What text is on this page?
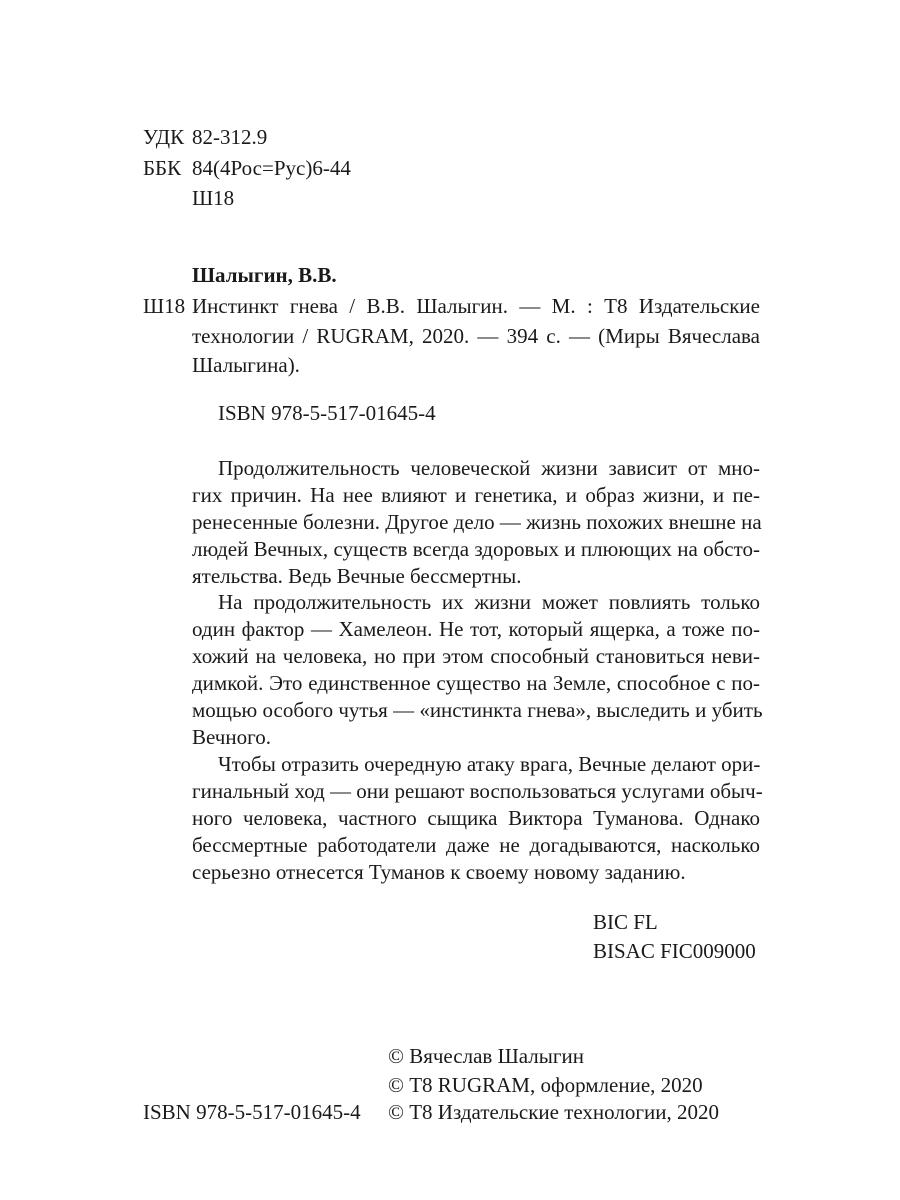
УДК 82-312.9
ББК 84(4Рос=Рус)6-44
Ш18
Шалыгин, В.В.
Ш18 Инстинкт гнева / В.В. Шалыгин. — М. : Т8 Издательские
технологии / RUGRAM, 2020. — 394 с. — (Миры Вячеслава
Шалыгина).
ISBN 978-5-517-01645-4
Продолжительность человеческой жизни зависит от мно-
гих причин. На нее влияют и генетика, и образ жизни, и пе-
ренесенные болезни. Другое дело — жизнь похожих внешне на
людей Вечных, существ всегда здоровых и плюющих на обсто-
ятельства. Ведь Вечные бессмертны.
На продолжительность их жизни может повлиять только
один фактор — Хамелеон. Не тот, который ящерка, а тоже по-
хожий на человека, но при этом способный становиться неви-
димкой. Это единственное существо на Земле, способное с по-
мощью особого чутья — «инстинкта гнева», выследить и убить
Вечного.
Чтобы отразить очередную атаку врага, Вечные делают ори-
гинальный ход — они решают воспользоваться услугами обыч-
ного человека, частного сыщика Виктора Туманова. Однако
бессмертные работодатели даже не догадываются, насколько
серьезно отнесется Туманов к своему новому заданию.
BIC FL
BISAC FIC009000
© Вячеслав Шалыгин
© Т8 RUGRAM, оформление, 2020
ISBN 978-5-517-01645-4 © Т8 Издательские технологии, 2020
